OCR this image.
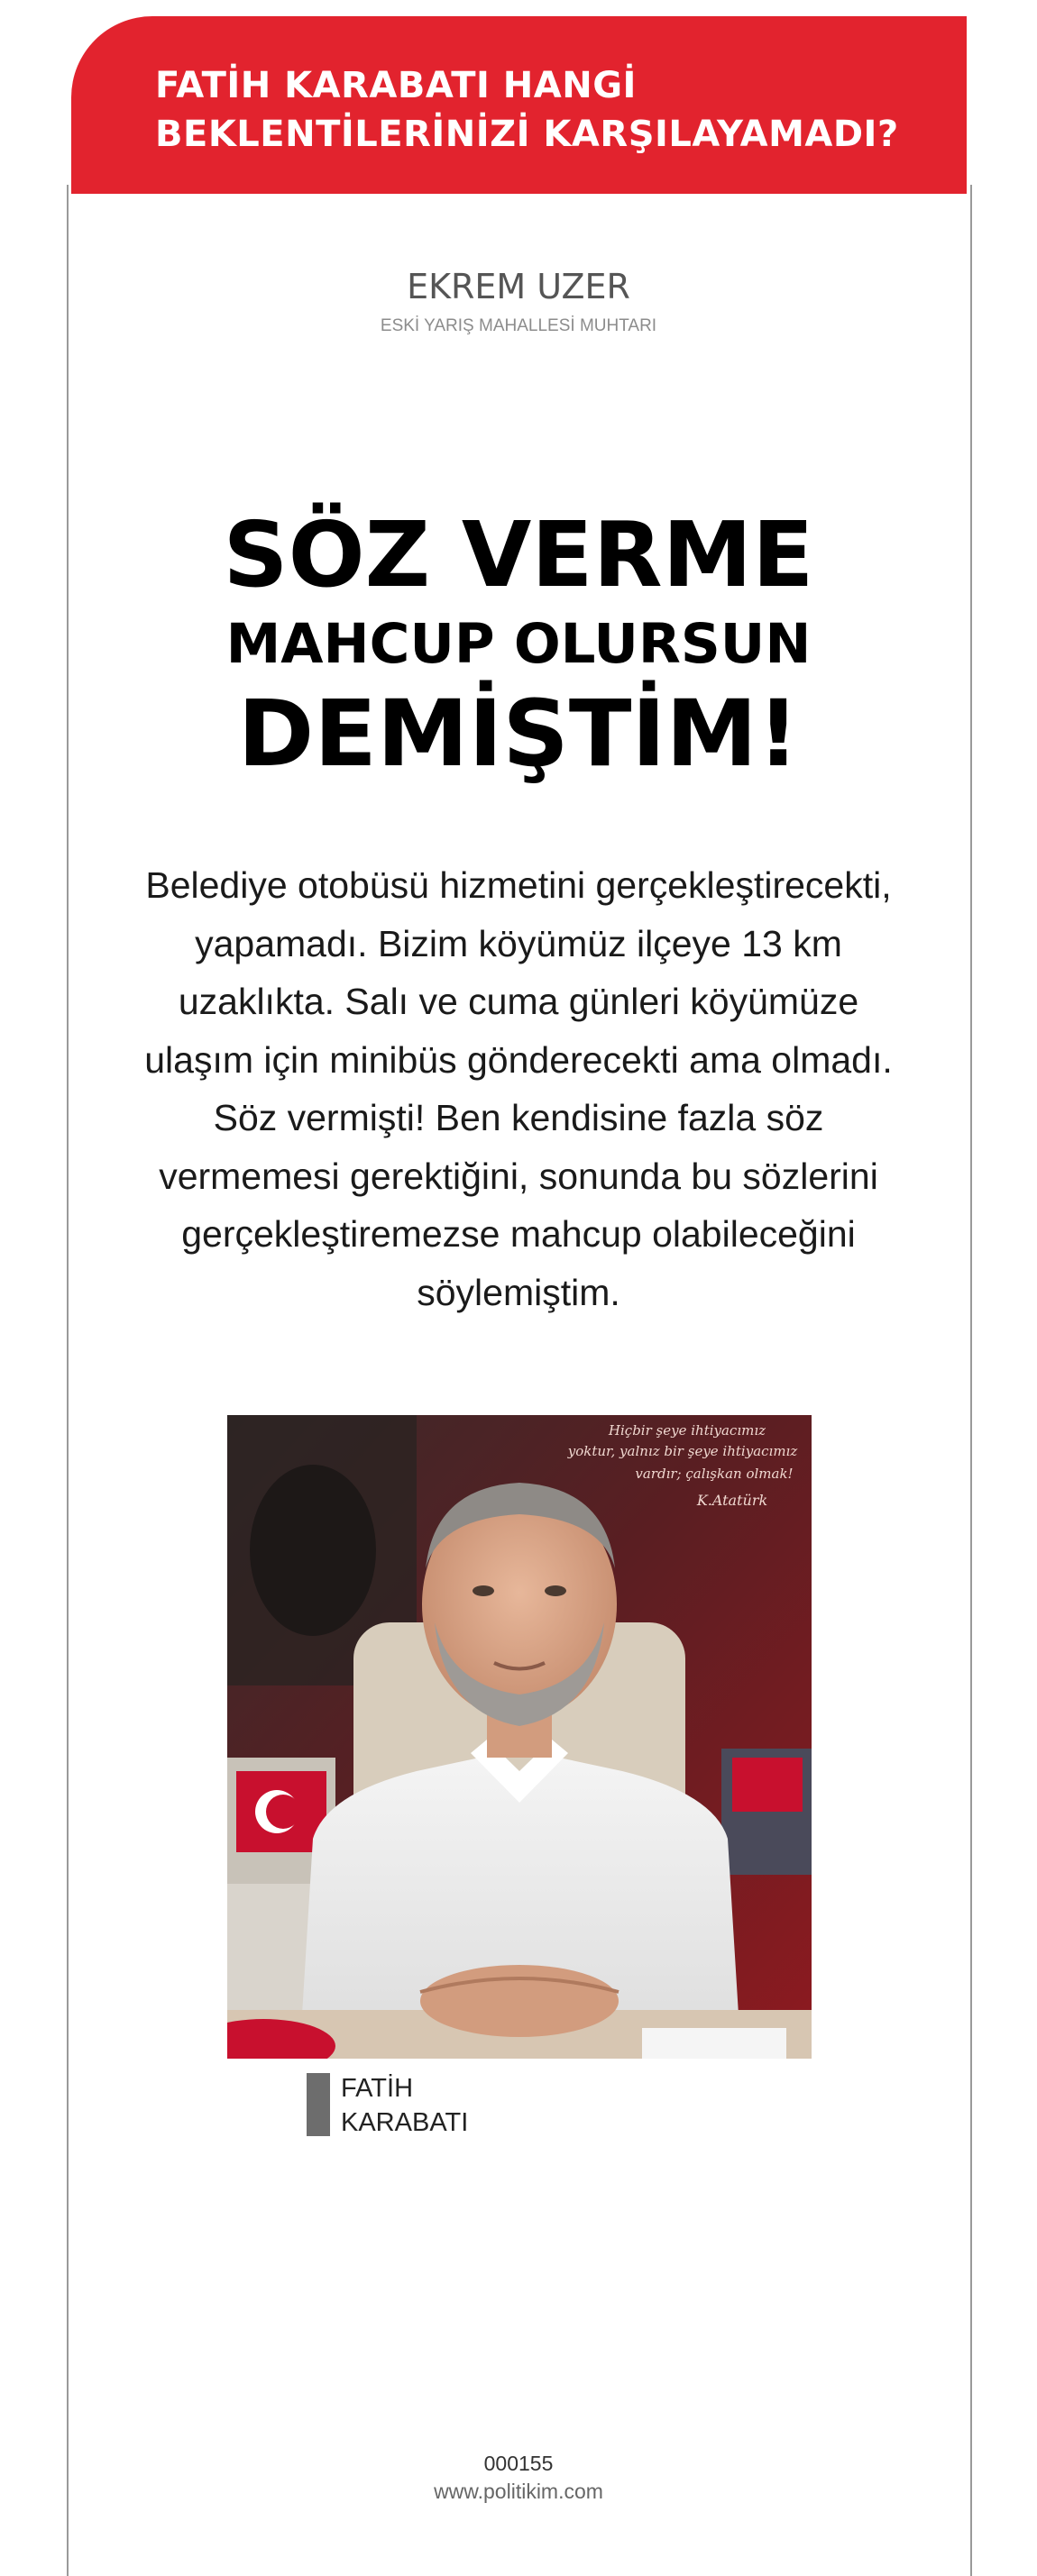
FATİH KARABATI HANGİ
BEKLENTİLERİNİZİ KARŞILAYAMADI?
EKREM UZER
ESKİ YARIŞ MAHALLESİ MUHTARI
SÖZ VERME
MAHCUP OLURSUN
DEMİŞTİM!
Belediye otobüsü hizmetini gerçekleştirecekti, yapamadı. Bizim köyümüz ilçeye 13 km uzaklıkta. Salı ve cuma günleri köyümüze ulaşım için minibüs gönderecekti ama olmadı. Söz vermişti! Ben kendisine fazla söz vermemesi gerektiğini, sonunda bu sözlerini gerçekleştiremezse mahcup olabileceğini söylemiştim.
Hiçbir şeye ihtiyacımız
yoktur, yalnız bir şeye ihtiyacımız
vardır; çalışkan olmak!
K.Atatürk
FATİH
KARABATI
000155
www.politikim.com
